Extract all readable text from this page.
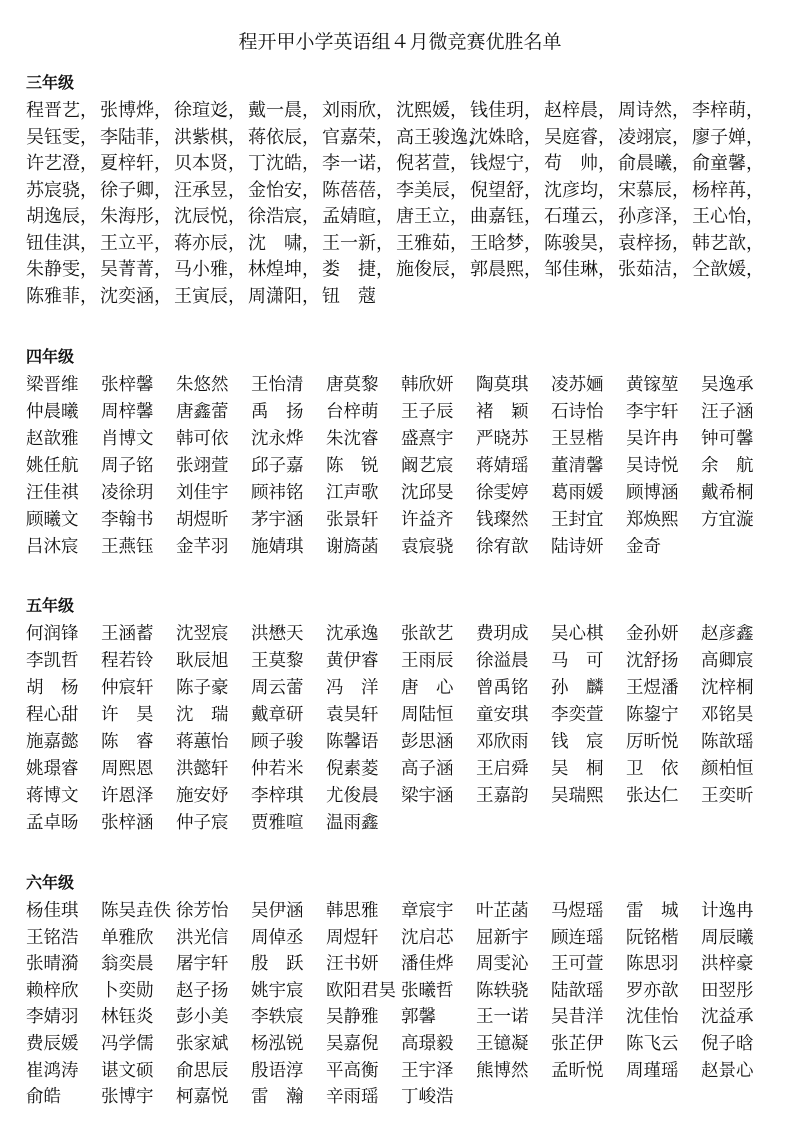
程开甲小学英语组４月微竞赛优胜名单
三年级
程晋艺， 张博烨， 徐瑄彣， 戴一晨， 刘雨欣， 沈熙媛， 钱佳玥， 赵梓晨， 周诗然， 李梓萌，
吴钰雯， 李陆菲， 洪紫棋， 蒋依辰， 官嘉荣， 高王骏逸，沈姝晗， 吴庭睿， 凌翊宸， 廖子婵，
许艺澄， 夏梓轩， 贝本贤， 丁沈皓， 李一诺， 倪茗萱， 钱煜宁， 苟　帅， 俞晨曦， 俞童馨，
苏宸骁， 徐子卿， 汪承昱， 金怡安， 陈蓓蓓， 李美辰， 倪望舒， 沈彦均， 宋慕辰， 杨梓苒，
胡逸辰， 朱海彤， 沈辰悦， 徐浩宸， 孟婧暄， 唐王立， 曲嘉钰， 石瑾云， 孙彦泽， 王心怡，
钮佳淇， 王立平， 蒋亦辰， 沈　啸， 王一新， 王雅茹， 王晗梦， 陈骏昊， 袁梓扬， 韩艺歆，
朱静雯， 吴菁菁， 马小雅， 林煌坤， 娄　捷， 施俊辰， 郭晨熙， 邹佳琳， 张茹洁， 仝歆媛，
陈雅菲， 沈奕涵， 王寅辰， 周潇阳， 钮　蔻
四年级
梁晋维 张梓馨 朱悠然 王怡清 唐莫黎 韩欣妍 陶莫琪 凌苏婳 黄镓堃 吴逸承
仲晨曦 周梓馨 唐鑫蕾 禹　扬 台梓萌 王子辰 褚　颖 石诗怡 李宇轩 汪子涵
赵歆雅 肖博文 韩可依 沈永烨 朱沈睿 盛熹宇 严晓苏 王昱楷 吴许冉 钟可馨
姚任航 周子铭 张翊萱 邱子嘉 陈　锐 阚艺宸 蒋婧瑶 董清馨 吴诗悦 余　航
汪佳祺 凌徐玥 刘佳宇 顾祎铭 江声歌 沈邱旻 徐雯婷 葛雨媛 顾博涵 戴希桐
顾曦文 李翰书 胡煜昕 茅宇涵 张景轩 许益齐 钱璨然 王封宜 郑焕熙 方宜漩
吕沐宸 王燕钰 金芊羽 施婧琪 谢旖菡 袁宸骁 徐宥歆 陆诗妍 金奇
五年级
何润锋 王涵蓄 沈翌宸 洪懋天 沈承逸 张歆艺 费玥成 吴心棋 金孙妍 赵彦鑫
李凯哲 程若铃 耿辰旭 王莫黎 黄伊睿 王雨辰 徐溢晨 马　可 沈舒扬 高卿宸
胡　杨 仲宸轩 陈子豪 周云蕾 冯　洋 唐　心 曾禹铭 孙　麟 王煜潘 沈梓桐
程心甜 许　昊 沈　瑞 戴章研 袁昊轩 周陆恒 童安琪 李奕萱 陈鋆宁 邓铭昊
施嘉懿 陈　睿 蒋蕙怡 顾子骏 陈馨语 彭思涵 邓欣雨 钱　宸 厉昕悦 陈歆瑶
姚璟睿 周熙恩 洪懿轩 仲若米 倪素菱 高子涵 王启舜 吴　桐 卫　依 颜柏恒
蒋博文 许恩泽 施安妤 李梓琪 尤俊晨 梁宇涵 王嘉韵 吴瑞熙 张达仁 王奕昕
孟卓旸 张梓涵 仲子宸 贾雅喧 温雨鑫
六年级
杨佳琪 陈吴垚佚 徐芳怡 吴伊涵 韩思雅 章宸宇 叶芷菡 马煜瑶 雷　城 计逸冉
王铭浩 单雅欣 洪光信 周倬丞 周煜轩 沈启芯 屈新宇 顾连瑶 阮铭楷 周辰曦
张晴漪 翁奕晨 屠宇轩 殷　跃 汪书妍 潘佳烨 周雯沁 王可萱 陈思羽 洪梓豪
赖梓欣 卜奕勋 赵子扬 姚宇宸 欧阳君昊 张曦哲 陈轶骁 陆歆瑶 罗亦歆 田翌彤
李婧羽 林钰炎 彭小美 李轶宸 吴静雅 郭馨 王一诺 吴昔洋 沈佳怡 沈益承
费辰媛 冯学儒 张家斌 杨泓锐 吴嘉倪 高璟毅 王镱凝 张芷伊 陈飞云 倪子晗
崔鸿涛 谌文硕 俞思辰 殷语淳 平高衡 王宇泽 熊博然 孟昕悦 周瑾瑶 赵景心
俞皓 张博宇 柯嘉悦 雷　瀚 辛雨瑶 丁峻浩
